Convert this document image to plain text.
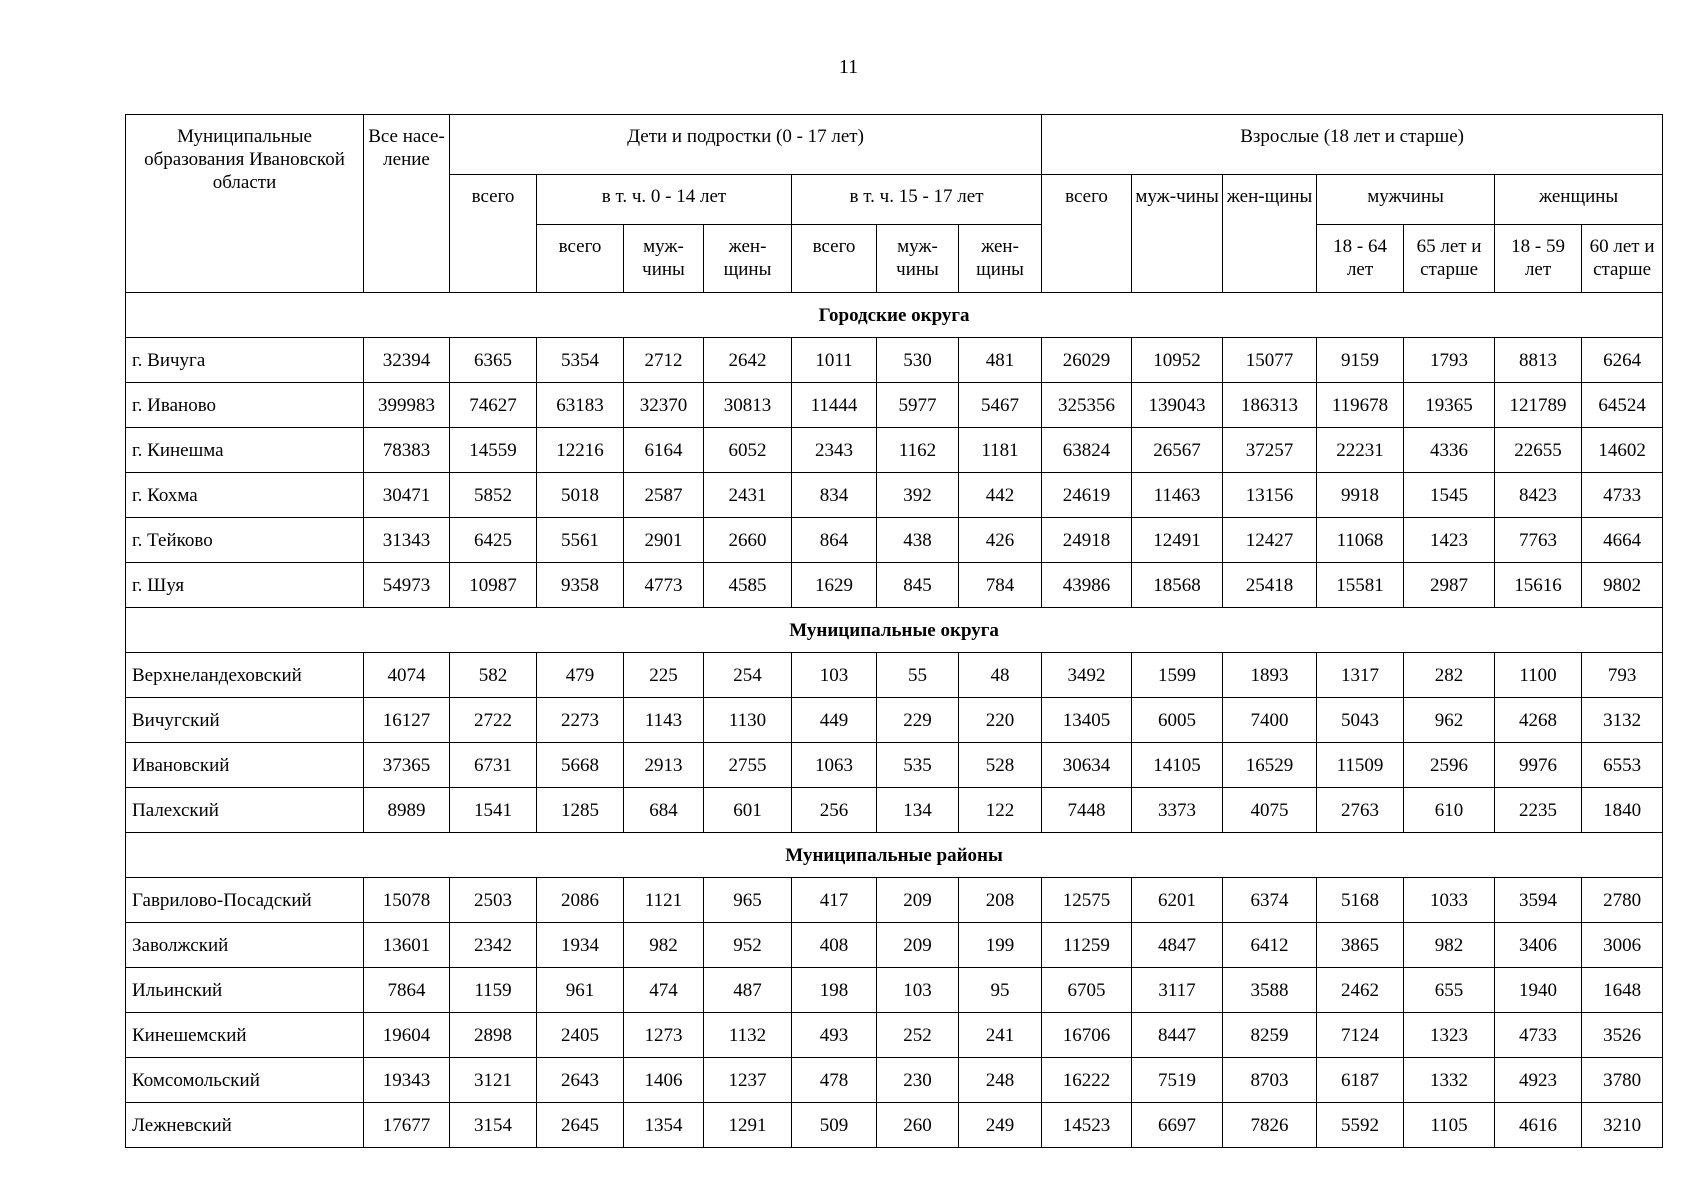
11
Муниципальные образования Ивановской области	Все насе-ление	Дети и подростки (0 - 17 лет)							Взрослые (18 лет и старше)						
		всего	в т. ч. 0 - 14 лет			в т. ч. 15 - 17 лет			всего	муж-чины	жен-щины	мужчины		женщины	
			всего	муж-чины	жен-щины	всего	муж-чины	жен-щины				18 - 64 лет	65 лет и старше	18 - 59 лет	60 лет и старше
Городские округа															
г. Вичуга	32394	6365	5354	2712	2642	1011	530	481	26029	10952	15077	9159	1793	8813	6264
г. Иваново	399983	74627	63183	32370	30813	11444	5977	5467	325356	139043	186313	119678	19365	121789	64524
г. Кинешма	78383	14559	12216	6164	6052	2343	1162	1181	63824	26567	37257	22231	4336	22655	14602
г. Кохма	30471	5852	5018	2587	2431	834	392	442	24619	11463	13156	9918	1545	8423	4733
г. Тейково	31343	6425	5561	2901	2660	864	438	426	24918	12491	12427	11068	1423	7763	4664
г. Шуя	54973	10987	9358	4773	4585	1629	845	784	43986	18568	25418	15581	2987	15616	9802
Муниципальные округа															
Верхнеландеховский	4074	582	479	225	254	103	55	48	3492	1599	1893	1317	282	1100	793
Вичугский	16127	2722	2273	1143	1130	449	229	220	13405	6005	7400	5043	962	4268	3132
Ивановский	37365	6731	5668	2913	2755	1063	535	528	30634	14105	16529	11509	2596	9976	6553
Палехский	8989	1541	1285	684	601	256	134	122	7448	3373	4075	2763	610	2235	1840
Муниципальные районы															
Гаврилово-Посадский	15078	2503	2086	1121	965	417	209	208	12575	6201	6374	5168	1033	3594	2780
Заволжский	13601	2342	1934	982	952	408	209	199	11259	4847	6412	3865	982	3406	3006
Ильинский	7864	1159	961	474	487	198	103	95	6705	3117	3588	2462	655	1940	1648
Кинешемский	19604	2898	2405	1273	1132	493	252	241	16706	8447	8259	7124	1323	4733	3526
Комсомольский	19343	3121	2643	1406	1237	478	230	248	16222	7519	8703	6187	1332	4923	3780
Лежневский	17677	3154	2645	1354	1291	509	260	249	14523	6697	7826	5592	1105	4616	3210
